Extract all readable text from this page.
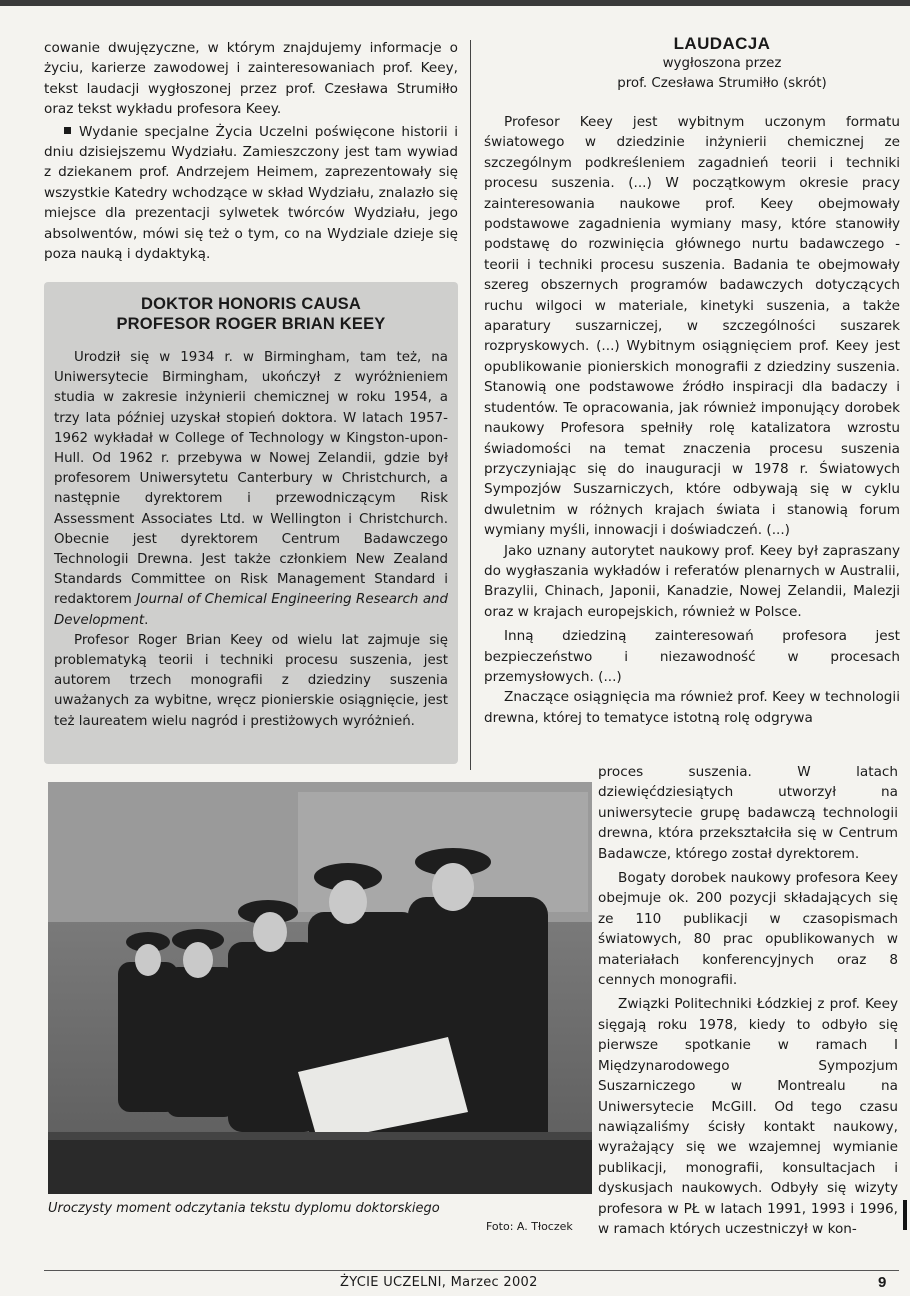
cowanie dwujęzyczne, w którym znajdujemy informacje o życiu, karierze zawodowej i zainteresowaniach prof. Keey, tekst laudacji wygłoszonej przez prof. Czesława Strumiłło oraz tekst wykładu profesora Keey.

Wydanie specjalne Życia Uczelni poświęcone historii i dniu dzisiejszemu Wydziału. Zamieszczony jest tam wywiad z dziekanem prof. Andrzejem Heimem, zaprezentowały się wszystkie Katedry wchodzące w skład Wydziału, znalazło się miejsce dla prezentacji sylwetek twórców Wydziału, jego absolwentów, mówi się też o tym, co na Wydziale dzieje się poza nauką i dydaktyką.

DOKTOR HONORIS CAUSA
PROFESOR ROGER BRIAN KEEY

Urodził się w 1934 r. w Birmingham, tam też, na Uniwersytecie Birmingham, ukończył z wyróżnieniem studia w zakresie inżynierii chemicznej w roku 1954, a trzy lata później uzyskał stopień doktora. W latach 1957-1962 wykładał w College of Technology w Kingston-upon-Hull. Od 1962 r. przebywa w Nowej Zelandii, gdzie był profesorem Uniwersytetu Canterbury w Christchurch, a następnie dyrektorem i przewodniczącym Risk Assessment Associates Ltd. w Wellington i Christchurch. Obecnie jest dyrektorem Centrum Badawczego Technologii Drewna. Jest także członkiem New Zealand Standards Committee on Risk Management Standard i redaktorem Journal of Chemical Engineering Research and Development.

Profesor Roger Brian Keey od wielu lat zajmuje się problematyką teorii i techniki procesu suszenia, jest autorem trzech monografii z dziedziny suszenia uważanych za wybitne, wręcz pionierskie osiągnięcie, jest też laureatem wielu nagród i prestiżowych wyróżnień.

LAUDACJA
wygłoszona przez
prof. Czesława Strumiłło (skrót)

Profesor Keey jest wybitnym uczonym formatu światowego w dziedzinie inżynierii chemicznej ze szczególnym podkreśleniem zagadnień teorii i techniki procesu suszenia. (...) W początkowym okresie pracy zainteresowania naukowe prof. Keey obejmowały podstawowe zagadnienia wymiany masy, które stanowiły podstawę do rozwinięcia głównego nurtu badawczego - teorii i techniki procesu suszenia. Badania te obejmowały szereg obszernych programów badawczych dotyczących ruchu wilgoci w materiale, kinetyki suszenia, a także aparatury suszarniczej, w szczególności suszarek rozpryskowych. (...) Wybitnym osiągnięciem prof. Keey jest opublikowanie pionierskich monografii z dziedziny suszenia. Stanowią one podstawowe źródło inspiracji dla badaczy i studentów. Te opracowania, jak również imponujący dorobek naukowy Profesora spełniły rolę katalizatora wzrostu świadomości na temat znaczenia procesu suszenia przyczyniając się do inauguracji w 1978 r. Światowych Sympozjów Suszarniczych, które odbywają się w cyklu dwuletnim w różnych krajach świata i stanowią forum wymiany myśli, innowacji i doświadczeń. (...)

Jako uznany autorytet naukowy prof. Keey był zapraszany do wygłaszania wykładów i referatów plenarnych w Australii, Brazylii, Chinach, Japonii, Kanadzie, Nowej Zelandii, Malezji oraz w krajach europejskich, również w Polsce.

Inną dziedziną zainteresowań profesora jest bezpieczeństwo i niezawodność w procesach przemysłowych. (...)

Znaczące osiągnięcia ma również prof. Keey w technologii drewna, której to tematyce istotną rolę odgrywa

proces suszenia. W latach dziewięćdziesiątych utworzył na uniwersytecie grupę badawczą technologii drewna, która przekształciła się w Centrum Badawcze, którego został dyrektorem.

Bogaty dorobek naukowy profesora Keey obejmuje ok. 200 pozycji składających się ze 110 publikacji w czasopismach światowych, 80 prac opublikowanych w materiałach konferencyjnych oraz 8 cennych monografii.

Związki Politechniki Łódzkiej z prof. Keey sięgają roku 1978, kiedy to odbyło się pierwsze spotkanie w ramach I Międzynarodowego Sympozjum Suszarniczego w Montrealu na Uniwersytecie McGill. Od tego czasu nawiązaliśmy ścisły kontakt naukowy, wyrażający się we wzajemnej wymianie publikacji, monografii, konsultacjach i dyskusjach naukowych. Odbyły się wizyty profesora w PŁ w latach 1991, 1993 i 1996, w ramach których uczestniczył w kon-

Uroczysty moment odczytania tekstu dyplomu doktorskiego
Foto: A. Tłoczek
ŻYCIE UCZELNI, Marzec 2002	9
